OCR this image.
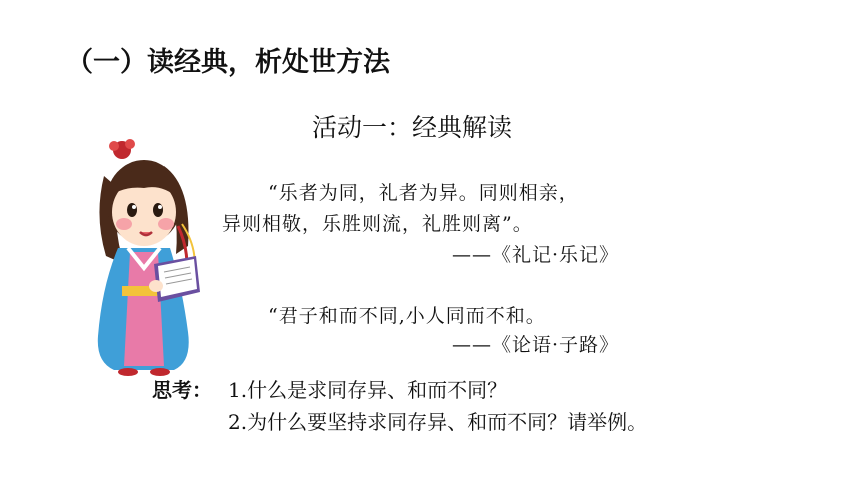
（一）读经典，析处世方法
活动一：经典解读
“乐者为同，礼者为异。同则相亲，
异则相敬，乐胜则流，礼胜则离”。
——《礼记·乐记》
“君子和而不同,小人同而不和。
——《论语·子路》
思考： 1.什么是求同存异、和而不同？
2.为什么要坚持求同存异、和而不同？请举例。
